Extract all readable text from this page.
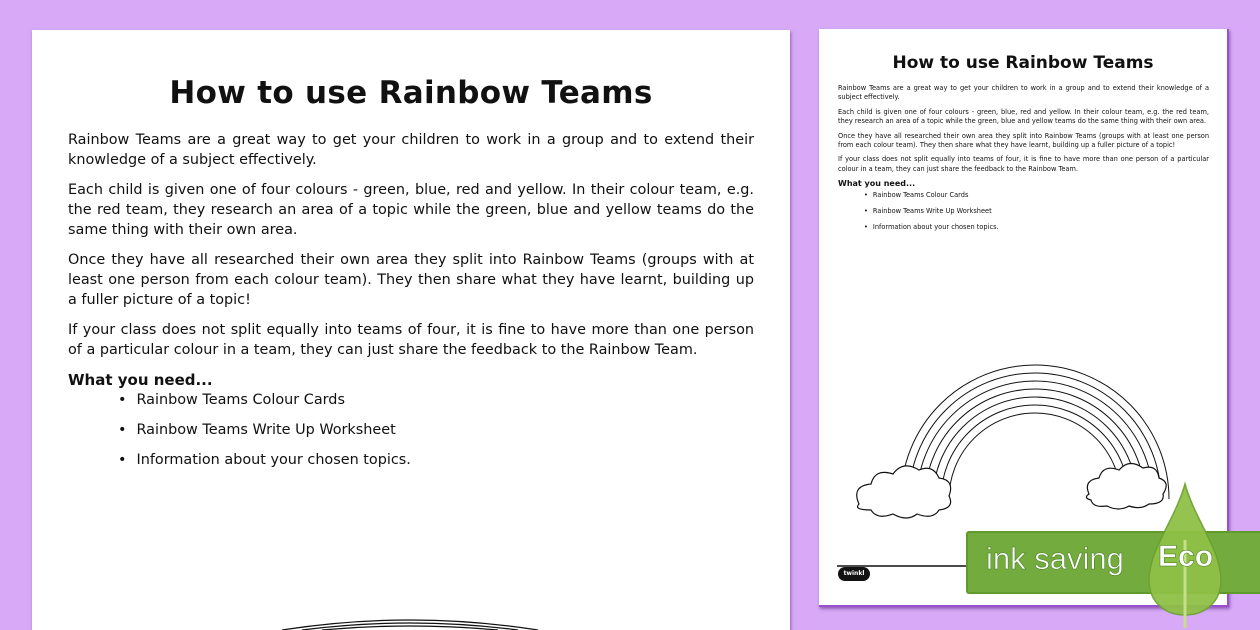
How to use Rainbow Teams

Rainbow Teams are a great way to get your children to work in a group and to extend their knowledge of a subject effectively.

Each child is given one of four colours - green, blue, red and yellow. In their colour team, e.g. the red team, they research an area of a topic while the green, blue and yellow teams do the same thing with their own area.

Once they have all researched their own area they split into Rainbow Teams (groups with at least one person from each colour team). They then share what they have learnt, building up a fuller picture of a topic!

If your class does not split equally into teams of four, it is fine to have more than one person of a particular colour in a team, they can just share the feedback to the Rainbow Team.

What you need...
• Rainbow Teams Colour Cards
• Rainbow Teams Write Up Worksheet
• Information about your chosen topics.
How to use Rainbow Teams

Rainbow Teams are a great way to get your children to work in a group and to extend their knowledge of a subject effectively.

Each child is given one of four colours - green, blue, red and yellow. In their colour team, e.g. the red team, they research an area of a topic while the green, blue and yellow teams do the same thing with their own area.

Once they have all researched their own area they split into Rainbow Teams (groups with at least one person from each colour team). They then share what they have learnt, building up a fuller picture of a topic!

If your class does not split equally into teams of four, it is fine to have more than one person of a particular colour in a team, they can just share the feedback to the Rainbow Team.

What you need...
• Rainbow Teams Colour Cards
• Rainbow Teams Write Up Worksheet
• Information about your chosen topics.
twinkl	ink saving Eco
